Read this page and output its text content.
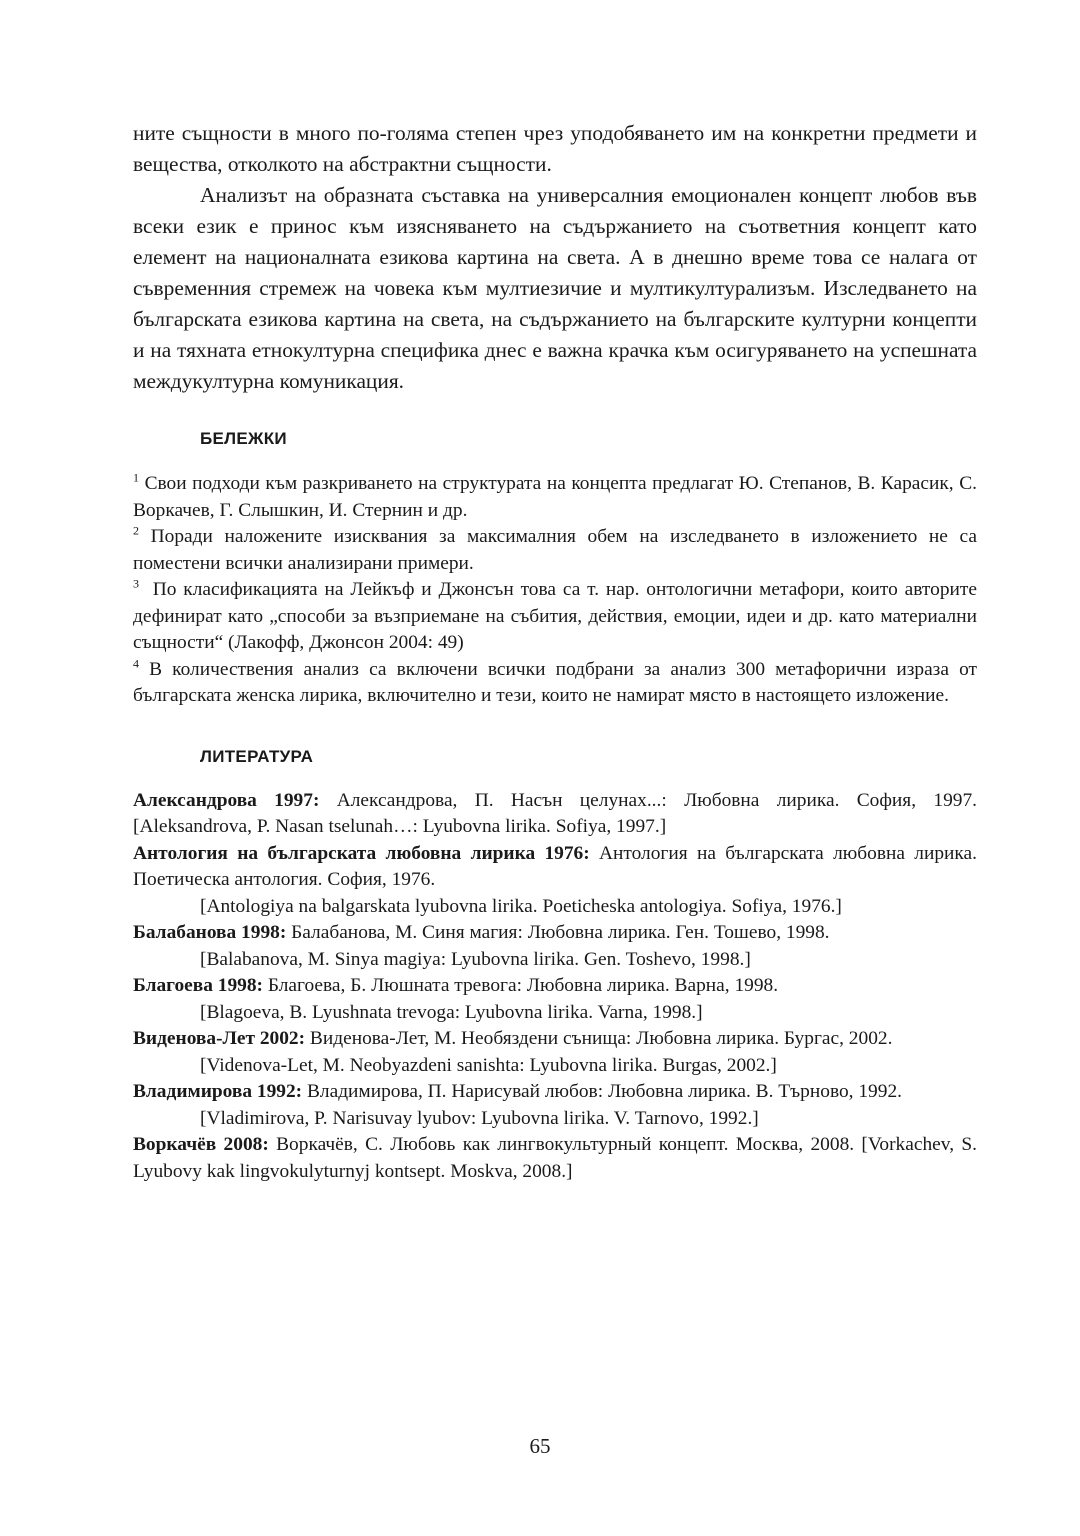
ните същности в много по-голяма степен чрез уподобяването им на конкретни предмети и вещества, отколкото на абстрактни същности.

Анализът на образната съставка на универсалния емоционален концепт любов във всеки език е принос към изясняването на съдържанието на съответния концепт като елемент на националната езикова картина на света. А в днешно време това се налага от съвременния стремеж на човека към мултиезичие и мултикултурализъм. Изследването на българската езикова картина на света, на съдържанието на българските културни концепти и на тяхната етнокултурна специфика днес е важна крачка към осигуряването на успешната междукултурна комуникация.

БЕЛЕЖКИ

$^1$ Свои подходи към разкриването на структурата на концепта предлагат Ю. Степанов, В. Карасик, С. Воркачев, Г. Слышкин, И. Стернин и др.

$^2$ Поради наложените изисквания за максималния обем на изследването в изложението не са поместени всички анализирани примери.

$^3$ По класификацията на Лейкъф и Джонсън това са т. нар. онтологични метафори, които авторите дефинират като „способи за възприемане на събития, действия, емоции, идеи и др. като материални същности“ (Лакофф, Джонсон 2004: 49)

$^4$ В количествения анализ са включени всички подбрани за анализ 300 метафорични израза от българската женска лирика, включително и тези, които не намират място в настоящето изложение.

ЛИТЕРАТУРА

Александрова 1997: Александрова, П. Насън целунах...: Любовна лирика. София, 1997. [Aleksandrova, P. Nasan tselunah…: Lyubovna lirika. Sofiya, 1997.]

Антология на българската любовна лирика 1976: Антология на българската любовна лирика. Поетическа антология. София, 1976.

[Antologiya na balgarskata lyubovna lirika. Poeticheska antologiya. Sofiya, 1976.]

Балабанова 1998: Балабанова, М. Синя магия: Любовна лирика. Ген. Тошево, 1998.

[Balabanova, M. Sinya magiya: Lyubovna lirika. Gen. Toshevo, 1998.]

Благоева 1998: Благоева, Б. Люшната тревога: Любовна лирика. Варна, 1998.

[Blagoeva, B. Lyushnata trevoga: Lyubovna lirika. Varna, 1998.]

Виденова-Лет 2002: Виденова-Лет, М. Необяздени сънища: Любовна лирика. Бургас, 2002.

[Videnova-Let, M. Neobyazdeni sanishta: Lyubovna lirika. Burgas, 2002.]

Владимирова 1992: Владимирова, П. Нарисувай любов: Любовна лирика. В. Търново, 1992.

[Vladimirova, P. Narisuvay lyubov: Lyubovna lirika. V. Tarnovo, 1992.]

Воркачёв 2008: Воркачёв, С. Любовь как лингвокультурный концепт. Москва, 2008. [Vorkachev, S. Lyubovy kak lingvokulyturnyj kontsept. Moskva, 2008.]

65
